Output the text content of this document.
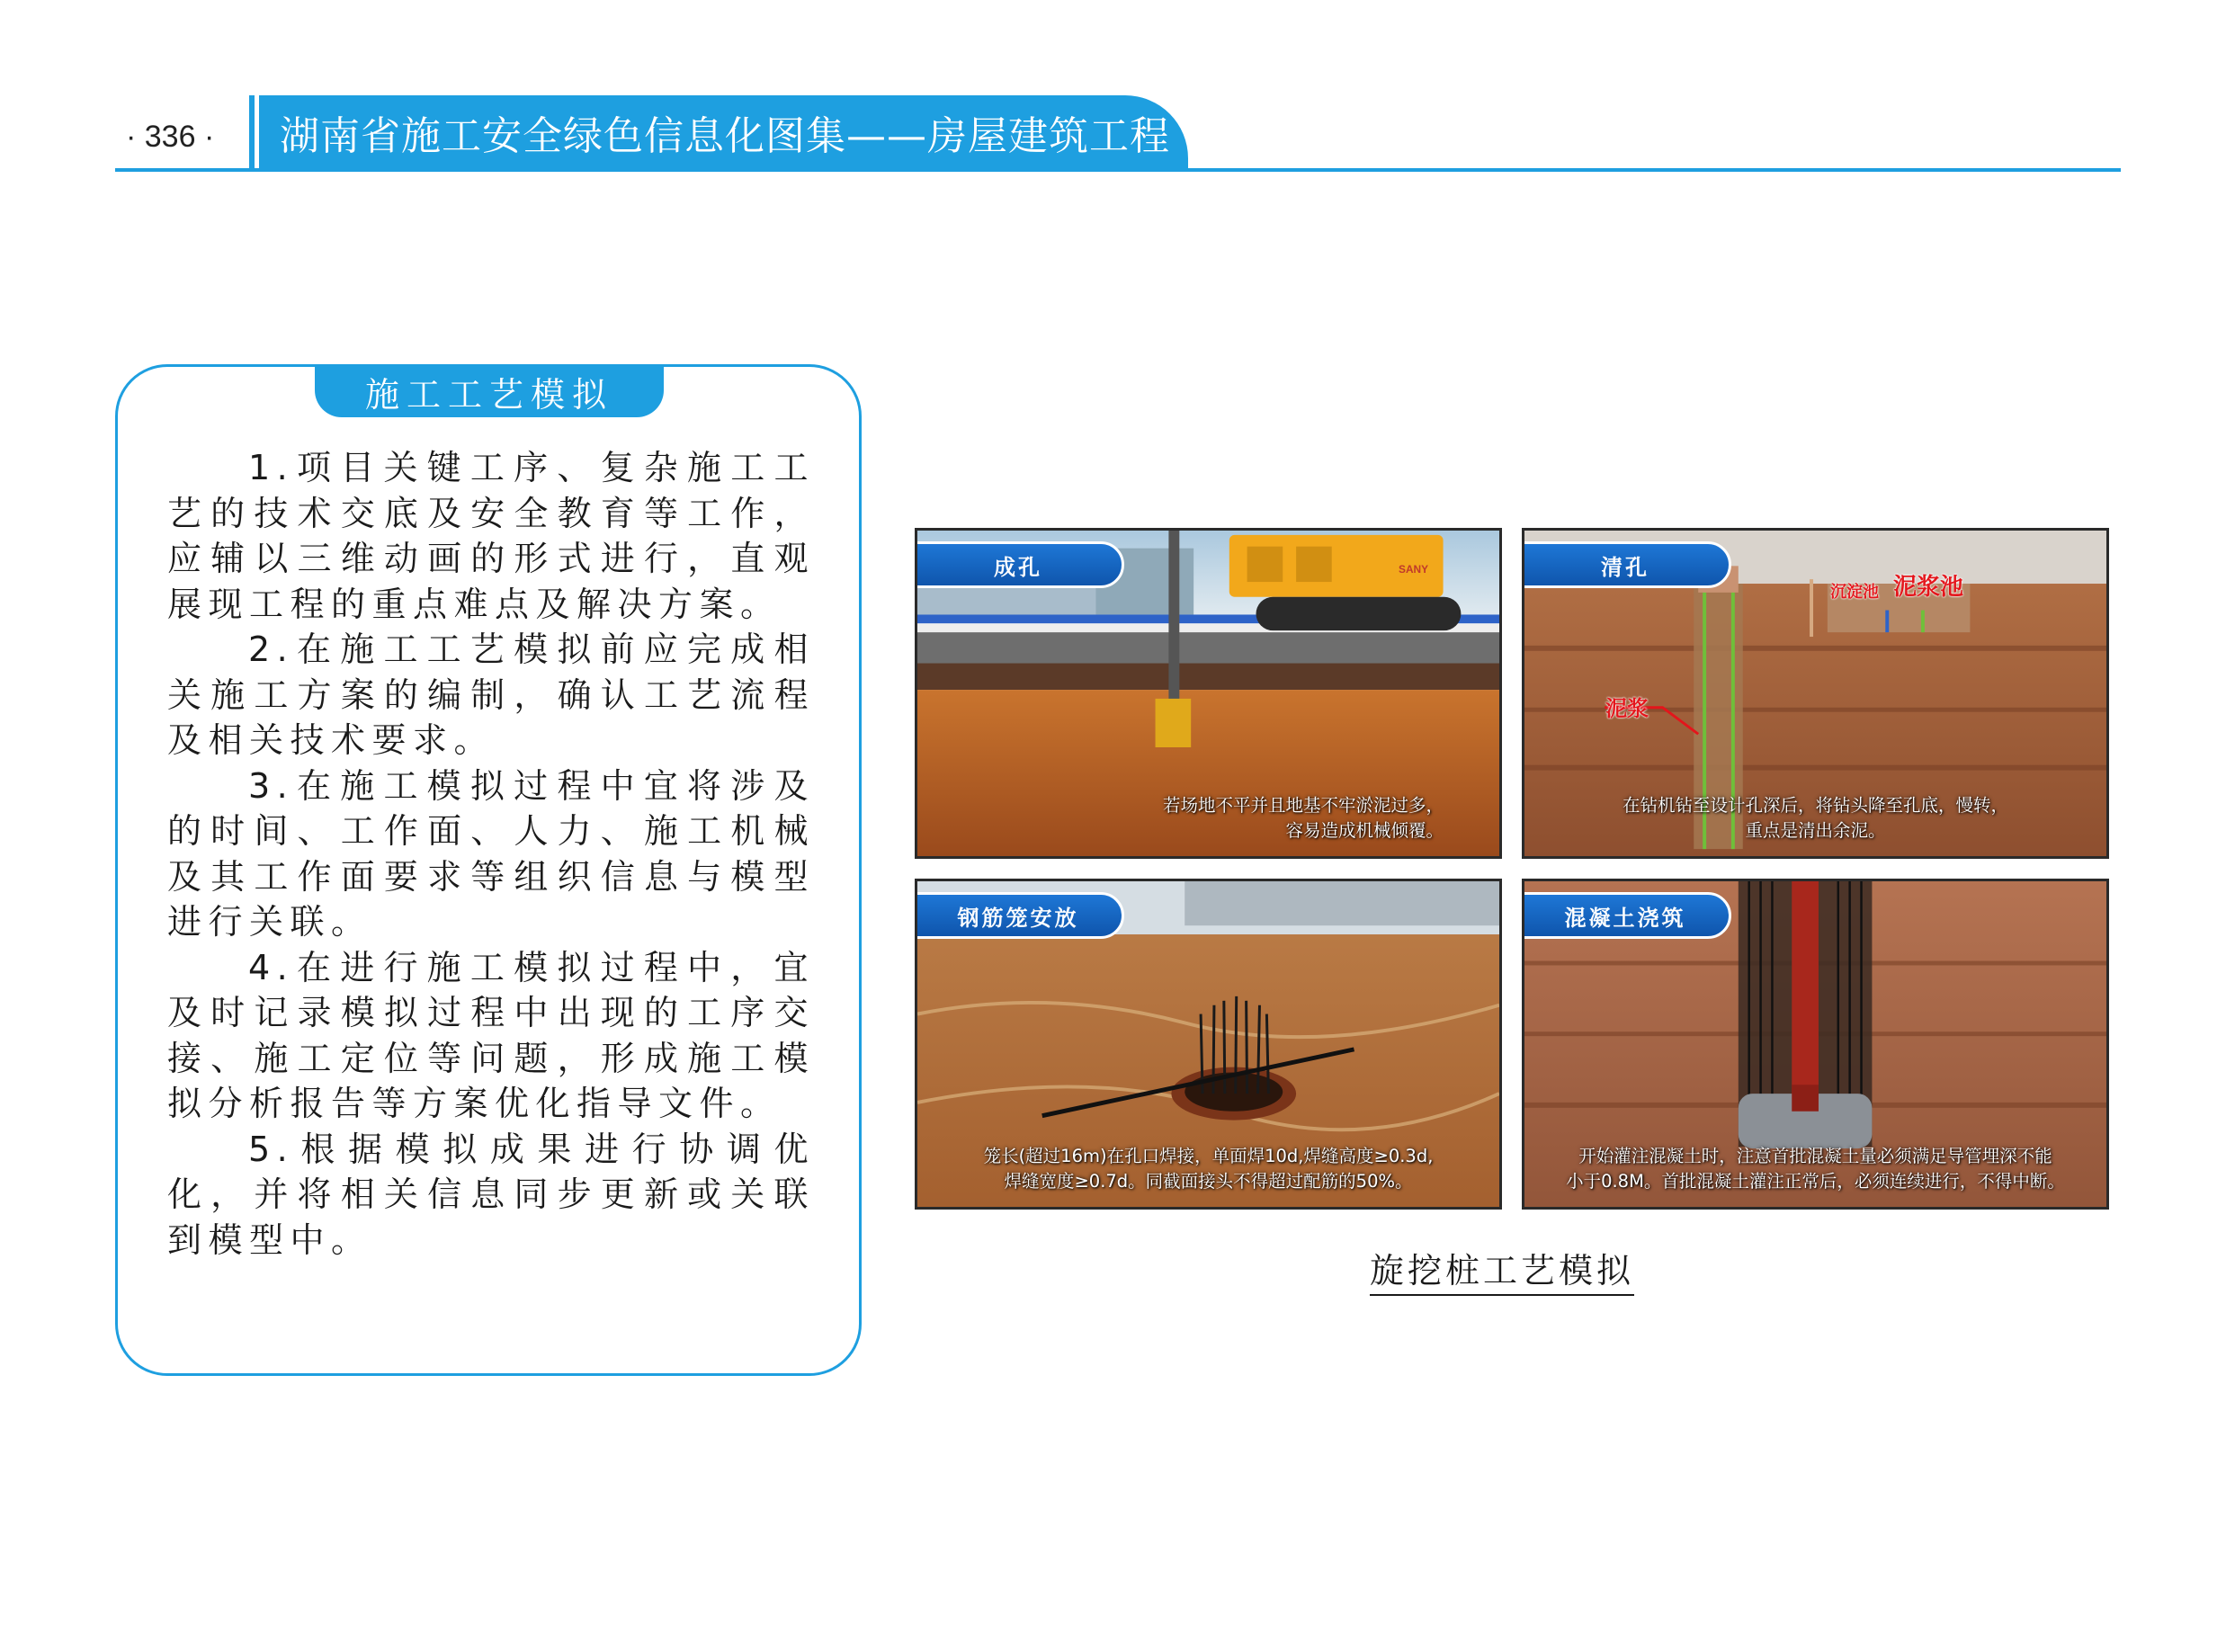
· 336 · 湖南省施工安全绿色信息化图集——房屋建筑工程
施工工艺模拟

1.项目关键工序、复杂施工工艺的技术交底及安全教育等工作，应辅以三维动画的形式进行，直观展现工程的重点难点及解决方案。

2.在施工工艺模拟前应完成相关施工方案的编制，确认工艺流程及相关技术要求。

3.在施工模拟过程中宜将涉及的时间、工作面、人力、施工机械及其工作面要求等组织信息与模型进行关联。

4.在进行施工模拟过程中，宜及时记录模拟过程中出现的工序交接、施工定位等问题，形成施工模拟分析报告等方案优化指导文件。

5.根据模拟成果进行协调优化，并将相关信息同步更新或关联到模型中。

SANY
成孔
若场地不平并且地基不牢淤泥过多，
容易造成机械倾覆。
泥浆
泥浆池
沉淀池
清孔
在钻机钻至设计孔深后，将钻头降至孔底，慢转，
重点是清出余泥。
钢筋笼安放
笼长(超过16m)在孔口焊接，单面焊10d,焊缝高度≥0.3d,
焊缝宽度≥0.7d。同截面接头不得超过配筋的50%。
混凝土浇筑
开始灌注混凝土时，注意首批混凝土量必须满足导管埋深不能
小于0.8M。首批混凝土灌注正常后，必须连续进行，不得中断。
旋挖桩工艺模拟
